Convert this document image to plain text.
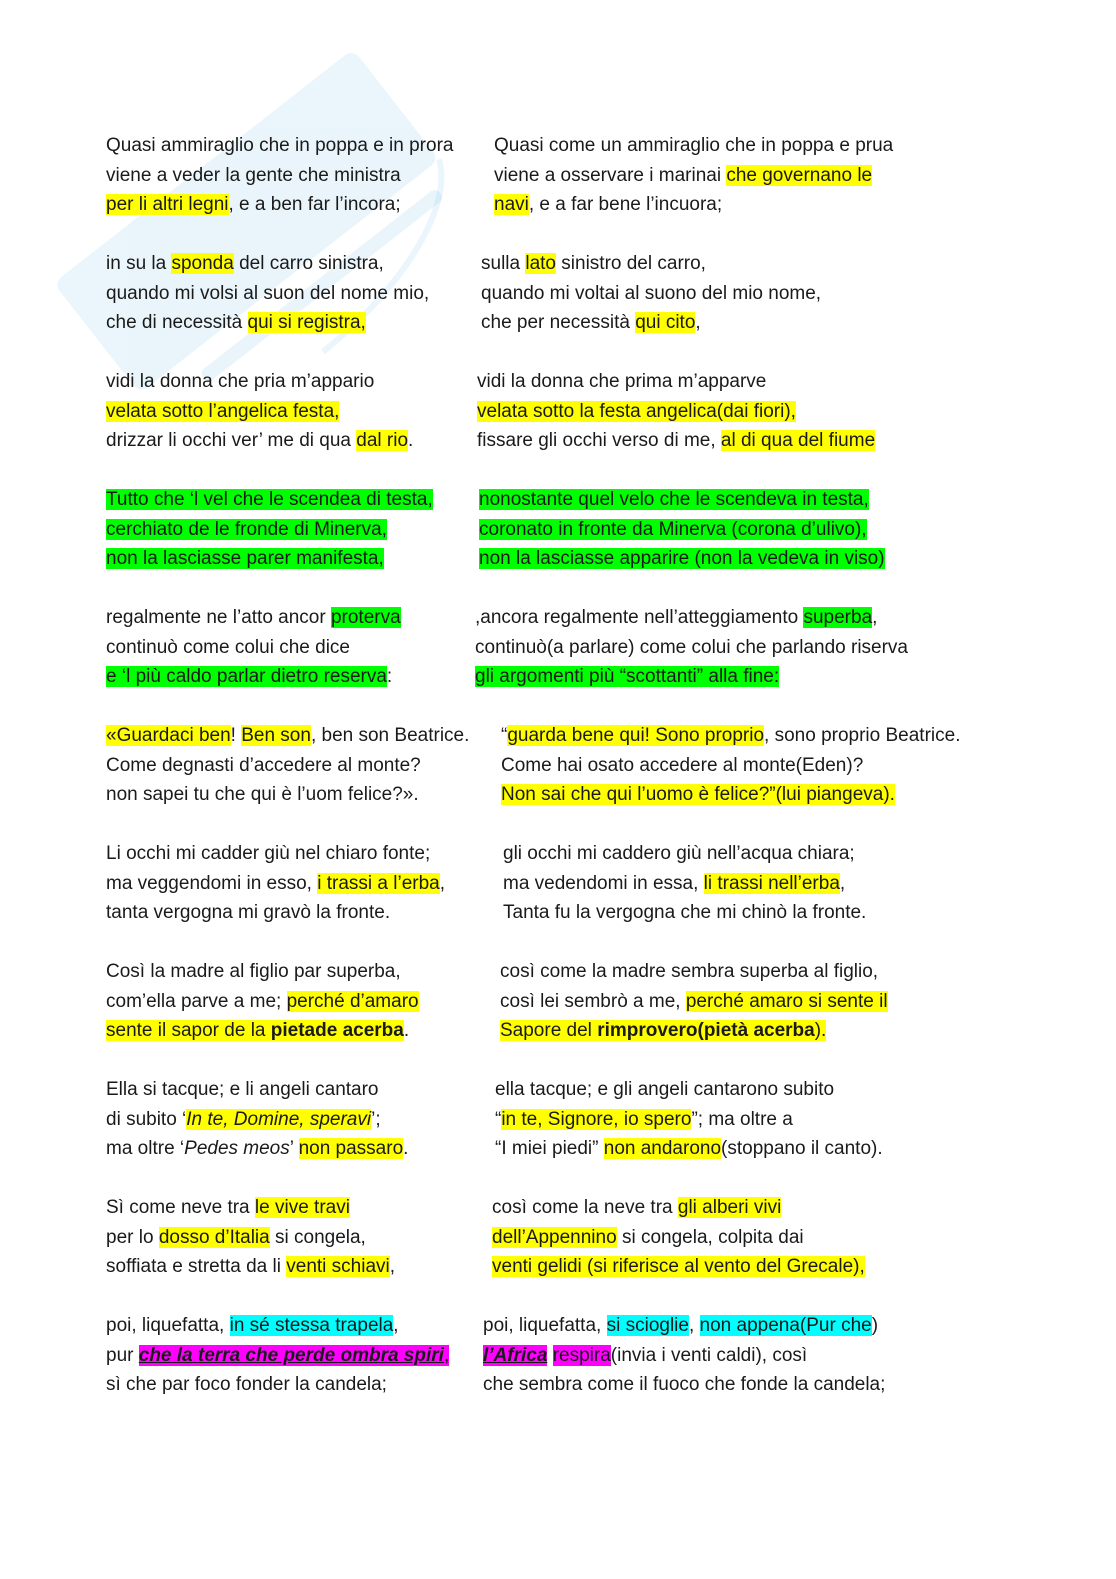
Quasi ammiraglio che in poppa e in prora
viene a veder la gente che ministra
per li altri legni, e a ben far l’incora;
Quasi come un ammiraglio che in poppa e prua
viene a osservare i marinai che governano le
navi, e a far bene l’incuora;
in su la sponda del carro sinistra,
quando mi volsi al suon del nome mio,
che di necessità qui si registra,
sulla lato sinistro del carro,
quando mi voltai al suono del mio nome,
che per necessità qui cito,
vidi la donna che pria m’appario
velata sotto l’angelica festa,
drizzar li occhi ver’ me di qua dal rio.
vidi la donna che prima m’apparve
velata sotto la festa angelica(dai fiori),
fissare gli occhi verso di me, al di qua del fiume
Tutto che ‘l vel che le scendea di testa,
cerchiato de le fronde di Minerva,
non la lasciasse parer manifesta,
nonostante quel velo che le scendeva in testa,
coronato in fronte da Minerva (corona d’ulivo),
non la lasciasse apparire (non la vedeva in viso)
regalmente ne l’atto ancor proterva
continuò come colui che dice
e ‘l più caldo parlar dietro reserva:
,ancora regalmente nell’atteggiamento superba,
continuò(a parlare) come colui che parlando riserva
gli argomenti più “scottanti” alla fine:
«Guardaci ben! Ben son, ben son Beatrice.
Come degnasti d’accedere al monte?
non sapei tu che qui è l’uom felice?».
“guarda bene qui! Sono proprio, sono proprio Beatrice.
Come hai osato accedere al monte(Eden)?
Non sai che qui l’uomo è felice?”(lui piangeva).
Li occhi mi cadder giù nel chiaro fonte;
ma veggendomi in esso, i trassi a l’erba,
tanta vergogna mi gravò la fronte.
gli occhi mi caddero giù nell’acqua chiara;
ma vedendomi in essa, li trassi nell’erba,
Tanta fu la vergogna che mi chinò la fronte.
Così la madre al figlio par superba,
com’ella parve a me; perché d’amaro
sente il sapor de la pietade acerba.
così come la madre sembra superba al figlio,
così lei sembrò a me, perché amaro si sente il
Sapore del rimprovero(pietà acerba).
Ella si tacque; e li angeli cantaro
di subito ‘In te, Domine, speravi’;
ma oltre ‘Pedes meos’ non passaro.
ella tacque; e gli angeli cantarono subito
“in te, Signore, io spero”; ma oltre a
“I miei piedi” non andarono(stoppano il canto).
Sì come neve tra le vive travi
per lo dosso d’Italia si congela,
soffiata e stretta da li venti schiavi,
così come la neve tra gli alberi vivi
dell’Appennino si congela, colpita dai
venti gelidi (si riferisce al vento del Grecale),
poi, liquefatta, in sé stessa trapela,
pur che la terra che perde ombra spiri,
sì che par foco fonder la candela;
poi, liquefatta, si scioglie, non appena(Pur che)
l’Africa respira(invia i venti caldi), così
che sembra come il fuoco che fonde la candela;
